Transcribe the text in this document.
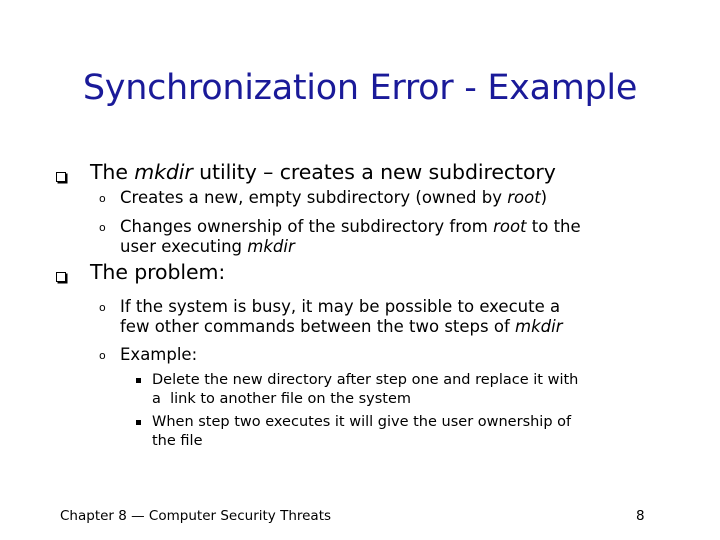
Synchronization Error - Example
The mkdir utility – creates a new subdirectory
o Creates a new, empty subdirectory (owned by root)
o Changes ownership of the subdirectory from root to the
user executing mkdir
The problem:
o If the system is busy, it may be possible to execute a
few other commands between the two steps of mkdir
o Example:
Delete the new directory after step one and replace it with
a  link to another file on the system
When step two executes it will give the user ownership of
the file
Chapter 8 — Computer Security Threats	8
